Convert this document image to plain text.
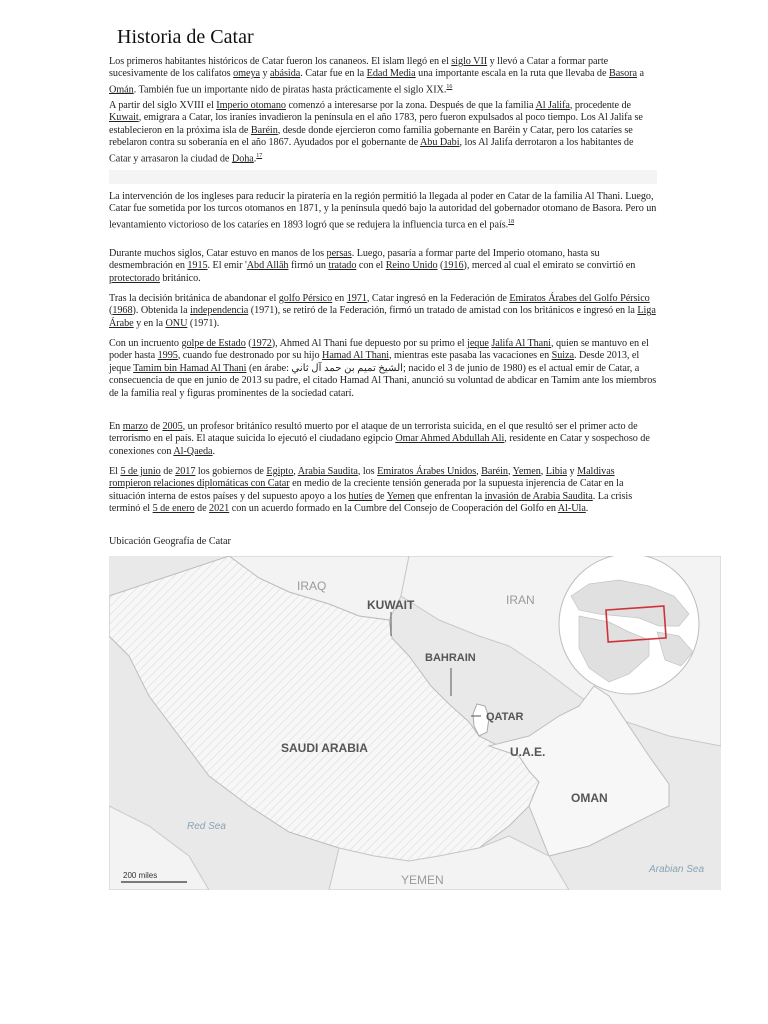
Historia de Catar

Los primeros habitantes históricos de Catar fueron los cananeos. El islam llegó en el siglo VII y llevó a Catar a formar parte sucesivamente de los califatos omeya y abásida. Catar fue en la Edad Media una importante escala en la ruta que llevaba de Basora a Omán. También fue un importante nido de piratas hasta prácticamente el siglo XIX.$^{16}$

A partir del siglo XVIII el Imperio otomano comenzó a interesarse por la zona. Después de que la familia Al Jalifa, procedente de Kuwait, emigrara a Catar, los iraníes invadieron la península en el año 1783, pero fueron expulsados al poco tiempo. Los Al Jalifa se establecieron en la próxima isla de Baréin, desde donde ejercieron como familia gobernante en Baréin y Catar, pero los cataríes se rebelaron contra su soberanía en el año 1867. Ayudados por el gobernante de Abu Dabi, los Al Jalifa derrotaron a los habitantes de Catar y arrasaron la ciudad de Doha.$^{17}$

La intervención de los ingleses para reducir la piratería en la región permitió la llegada al poder en Catar de la familia Al Thani. Luego, Catar fue sometida por los turcos otomanos en 1871, y la península quedó bajo la autoridad del gobernador otomano de Basora. Pero un levantamiento victorioso de los cataríes en 1893 logró que se redujera la influencia turca en el país.$^{18}$

Durante muchos siglos, Catar estuvo en manos de los persas. Luego, pasaría a formar parte del Imperio otomano, hasta su desmembración en 1915. El emir 'Abd Allāh firmó un tratado con el Reino Unido (1916), merced al cual el emirato se convirtió en protectorado británico.

Tras la decisión británica de abandonar el golfo Pérsico en 1971, Catar ingresó en la Federación de Emiratos Árabes del Golfo Pérsico (1968). Obtenida la independencia (1971), se retiró de la Federación, firmó un tratado de amistad con los británicos e ingresó en la Liga Árabe y en la ONU (1971).

Con un incruento golpe de Estado (1972), Ahmed Al Thani fue depuesto por su primo el jeque Jalifa Al Thani, quien se mantuvo en el poder hasta 1995, cuando fue destronado por su hijo Hamad Al Thani, mientras este pasaba las vacaciones en Suiza. Desde 2013, el jeque Tamim bin Hamad Al Thani (en árabe: الشيخ تميم بن حمد آل ثاني; nacido el 3 de junio de 1980) es el actual emir de Catar, a consecuencia de que en junio de 2013 su padre, el citado Hamad Al Thani, anunció su voluntad de abdicar en Tamim ante los miembros de la familia real y figuras prominentes de la sociedad catarí.

En marzo de 2005, un profesor británico resultó muerto por el ataque de un terrorista suicida, en el que resultó ser el primer acto de terrorismo en el país. El ataque suicida lo ejecutó el ciudadano egipcio Omar Ahmed Abdullah Ali, residente en Catar y sospechoso de conexiones con Al-Qaeda.

El 5 de junio de 2017 los gobiernos de Egipto, Arabia Saudita, los Emiratos Árabes Unidos, Baréin, Yemen, Libia y Maldivas rompieron relaciones diplomáticas con Catar en medio de la creciente tensión generada por la supuesta injerencia de Catar en la situación interna de estos países y del supuesto apoyo a los hutíes de Yemen que enfrentan la invasión de Arabia Saudita. La crisis terminó el 5 de enero de 2021 con un acuerdo formado en la Cumbre del Consejo de Cooperación del Golfo en Al-Ula.

Ubicación Geografía de Catar
IRAQ
KUWAIT	IRAN
BAHRAIN
QATAR
SAUDI ARABIA	U.A.E.
OMAN
Red Sea
YEMEN
Arabian Sea
200 miles
